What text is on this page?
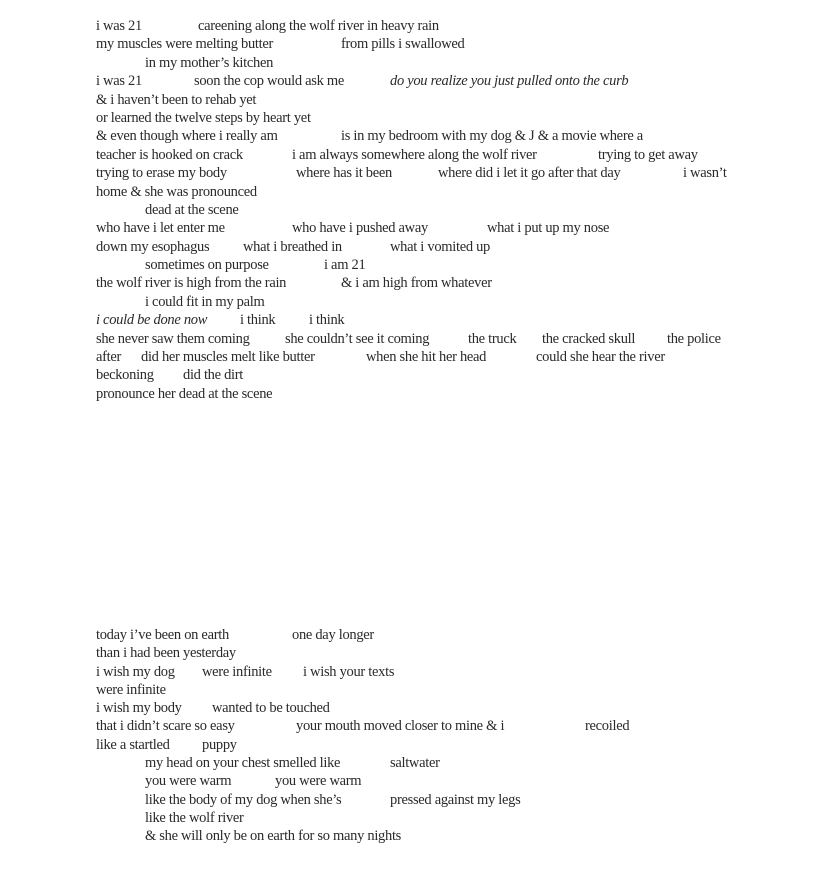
i was 21	careening along the wolf river in heavy rain
my muscles were melting butter	from pills i swallowed
in my mother’s kitchen
i was 21	soon the cop would ask me	do you realize you just pulled onto the curb
& i haven’t been to rehab yet
or learned the twelve steps by heart yet
& even though where i really am	is in my bedroom with my dog & J & a movie where a
teacher is hooked on crack	i am always somewhere along the wolf river	trying to get away
trying to erase my body	where has it been	where did i let it go after that day	i wasn’t
home & she was pronounced
dead at the scene
who have i let enter me	who have i pushed away	what i put up my nose
down my esophagus what i breathed in	what i vomited up
sometimes on purpose	i am 21
the wolf river is high from the rain	& i am high from whatever
i could fit in my palm
i could be done now i think i think
she never saw them coming she couldn’t see it coming	the truck the cracked skull the police
after did her muscles melt like butter	when she hit her head	could she hear the river
beckoning did the dirt
pronounce her dead at the scene
today i’ve been on earth	one day longer
than i had been yesterday
i wish my dog were infinite i wish your texts
were infinite
i wish my body wanted to be touched
that i didn’t scare so easy	your mouth moved closer to mine & i	recoiled
like a startled puppy
my head on your chest smelled like	saltwater
you were warm	you were warm
like the body of my dog when she’s	pressed against my legs
like the wolf river
& she will only be on earth for so many nights
